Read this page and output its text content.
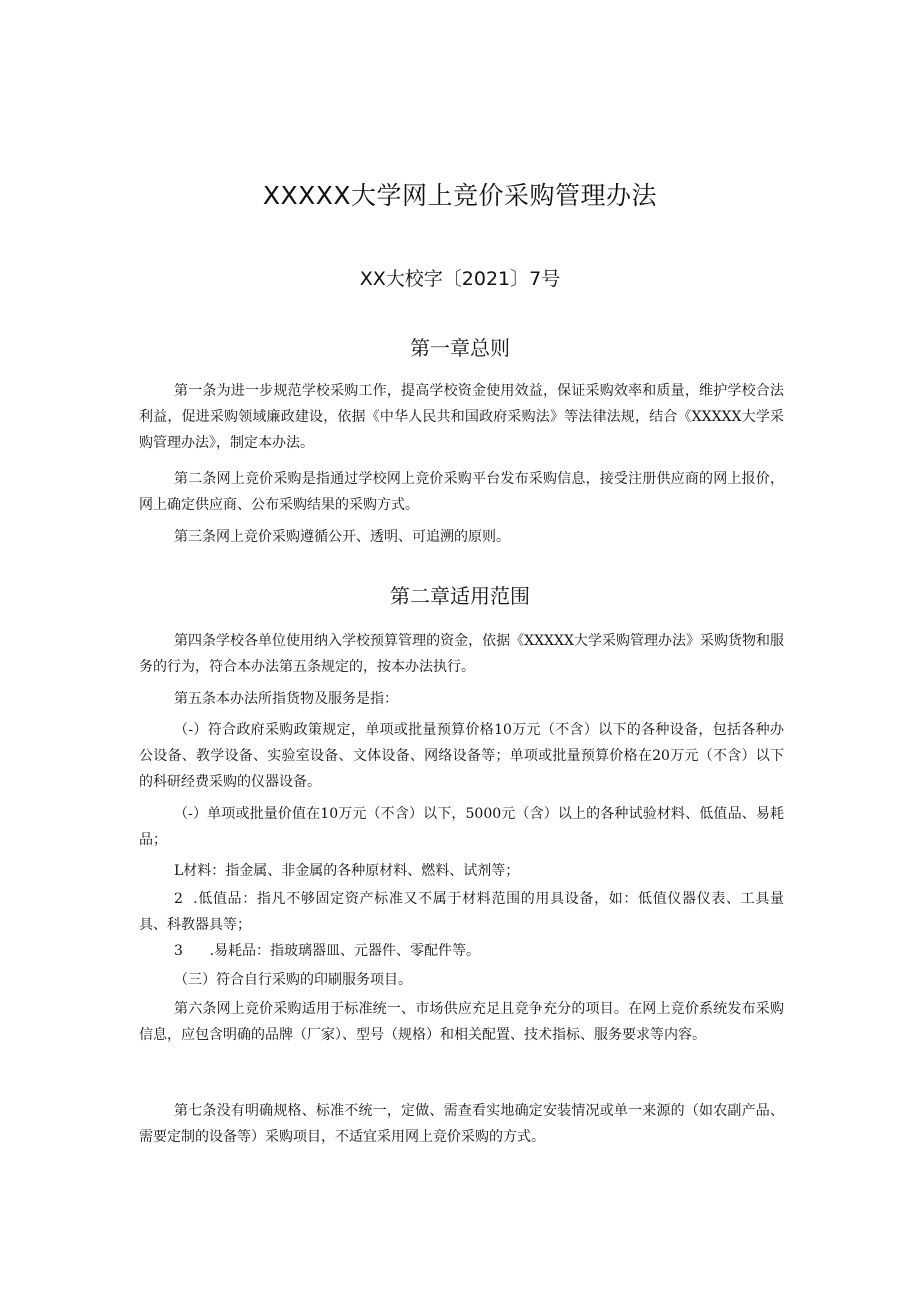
XXXXX大学网上竞价采购管理办法
XX大校字〔2021〕7号
第一章总则

第一条为进一步规范学校采购工作，提高学校资金使用效益，保证采购效率和质量，维护学校合法利益，促进采购领域廉政建设，依据《中华人民共和国政府采购法》等法律法规，结合《XXXXX大学采购管理办法》，制定本办法。

第二条网上竞价采购是指通过学校网上竞价采购平台发布采购信息，接受注册供应商的网上报价，网上确定供应商、公布采购结果的采购方式。

第三条网上竞价采购遵循公开、透明、可追溯的原则。

第二章适用范围

第四条学校各单位使用纳入学校预算管理的资金，依据《XXXXX大学采购管理办法》采购货物和服务的行为，符合本办法第五条规定的，按本办法执行。

第五条本办法所指货物及服务是指：

（-）符合政府采购政策规定，单项或批量预算价格10万元（不含）以下的各种设备，包括各种办公设备、教学设备、实验室设备、文体设备、网络设备等；单项或批量预算价格在20万元（不含）以下的科研经费采购的仪器设备。

（-）单项或批量价值在10万元（不含）以下，5000元（含）以上的各种试验材料、低值品、易耗品；

L材料：指金属、非金属的各种原材料、燃料、试剂等；

2  .低值品：指凡不够固定资产标准又不属于材料范围的用具设备，如：低值仪器仪表、工具量具、科教器具等；

3      .易耗品：指玻璃器皿、元器件、零配件等。

（三）符合自行采购的印刷服务项目。

第六条网上竞价采购适用于标准统一、市场供应充足且竞争充分的项目。在网上竞价系统发布采购信息，应包含明确的品牌（厂家）、型号（规格）和相关配置、技术指标、服务要求等内容。

第七条没有明确规格、标准不统一，定做、需查看实地确定安装情况或单一来源的（如农副产品、需要定制的设备等）采购项目，不适宜采用网上竞价采购的方式。
